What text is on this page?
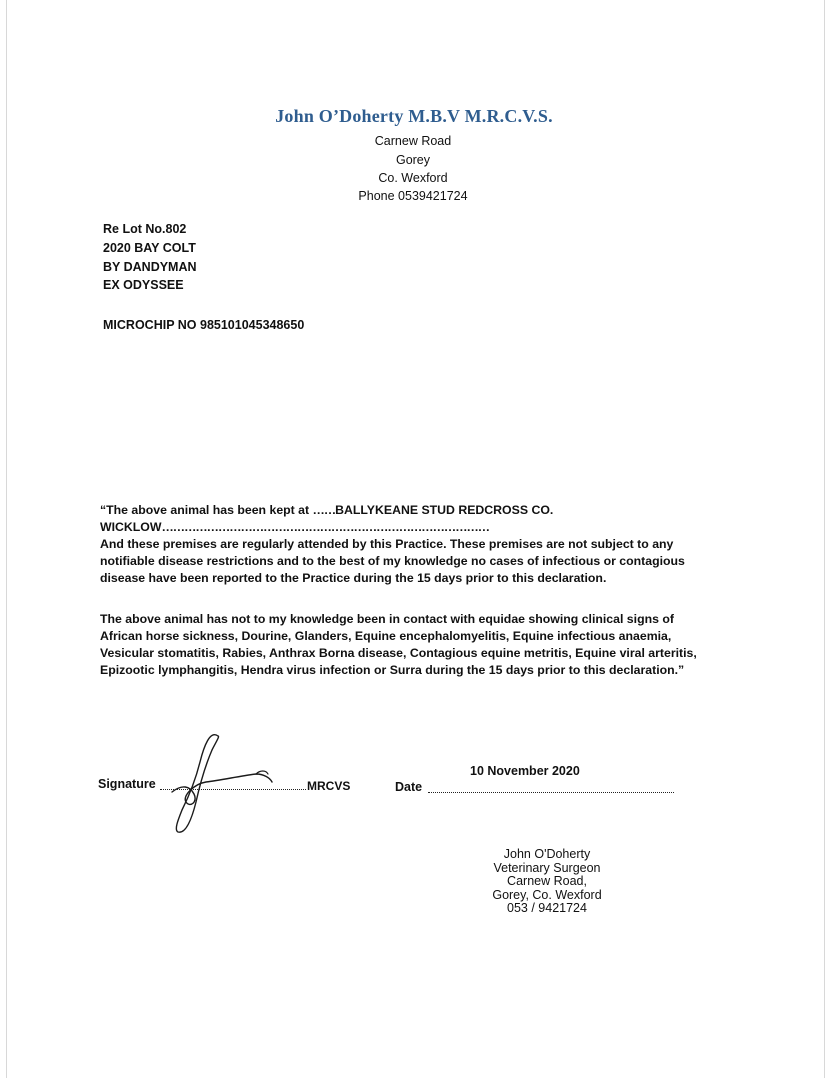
John O’Doherty M.B.V M.R.C.V.S.
Carnew Road
Gorey
Co. Wexford
Phone 0539421724
Re Lot No.802
2020 BAY COLT
BY DANDYMAN
EX ODYSSEE
MICROCHIP NO 985101045348650
“The above animal has been kept at ……BALLYKEANE STUD REDCROSS CO.
WICKLOW……………………………………………………………………………
And these premises are regularly attended by this Practice. These premises are not subject to any notifiable disease restrictions and to the best of my knowledge no cases of infectious or contagious disease have been reported to the Practice during the 15 days prior to this declaration.
The above animal has not to my knowledge been in contact with equidae showing clinical signs of African horse sickness, Dourine, Glanders, Equine encephalomyelitis, Equine infectious anaemia, Vesicular stomatitis, Rabies, Anthrax Borna disease, Contagious equine metritis, Equine viral arteritis, Epizootic lymphangitis, Hendra virus infection or Surra during the 15 days prior to this declaration.”
Signature	MRCVS
10 November 2020
Date
John O'Doherty
Veterinary Surgeon
Carnew Road,
Gorey, Co. Wexford
053 / 9421724
